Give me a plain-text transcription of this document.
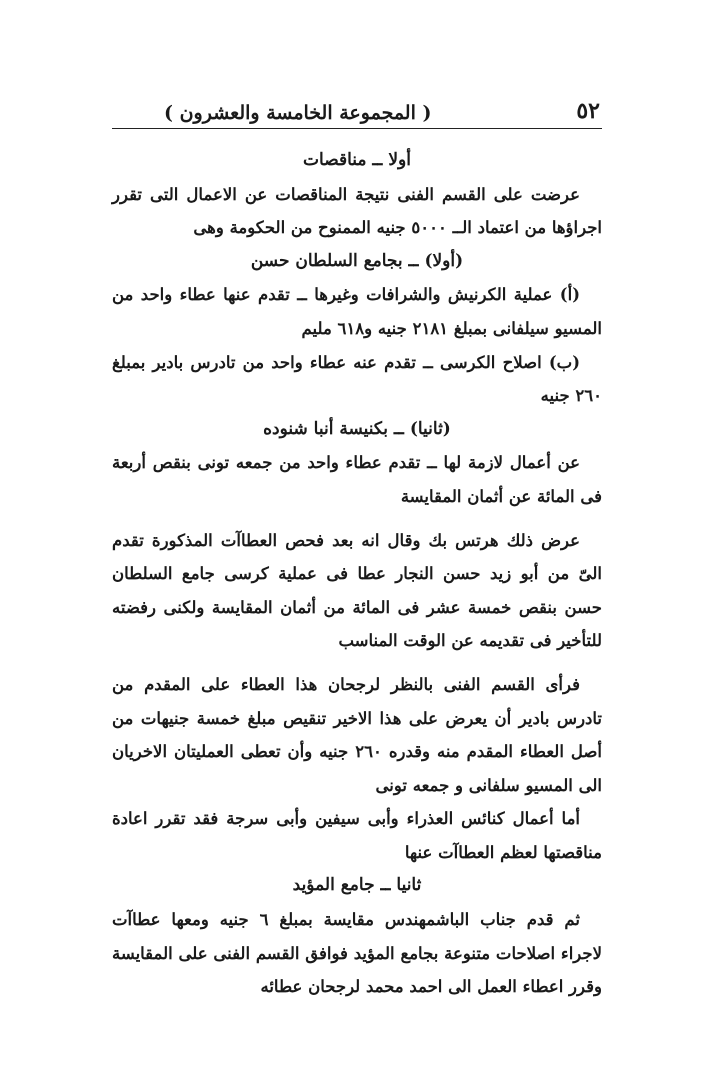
٥٢
( المجموعة الخامسة والعشرون )
أولا ــ مناقصات

عرضت على القسم الفنى نتيجة المناقصات عن الاعمال التى تقرر اجراؤها من اعتماد الــ ٥٠٠٠ جنيه الممنوح من الحكومة وهى

(أولا) ــ بجامع السلطان حسن

(أ) عملية الكرنيش والشرافات وغيرها ــ تقدم عنها عطاء واحد من المسيو سيلفانى بمبلغ ٢١٨١ جنيه و٦١٨ مليم

(ب) اصلاح الكرسى ــ تقدم عنه عطاء واحد من تادرس بادير بمبلغ ٢٦٠ جنيه

(ثانيا) ــ بكنيسة أنبا شنوده

عن أعمال لازمة لها ــ تقدم عطاء واحد من جمعه تونى بنقص أربعة فى المائة عن أثمان المقايسة

عرض ذلك هرتس بك وقال انه بعد فحص العطاآت المذكورة تقدم الىّ من أبو زيد حسن النجار عطا فى عملية كرسى جامع السلطان حسن بنقص خمسة عشر فى المائة من أثمان المقايسة ولكنى رفضته للتأخير فى تقديمه عن الوقت المناسب

فرأى القسم الفنى بالنظر لرجحان هذا العطاء على المقدم من تادرس بادير أن يعرض على هذا الاخير تنقيص مبلغ خمسة جنيهات من أصل العطاء المقدم منه وقدره ٢٦٠ جنيه وأن تعطى العمليتان الاخريان الى المسيو سلفانى و جمعه تونى

أما أعمال كنائس العذراء وأبى سيفين وأبى سرجة فقد تقرر اعادة مناقصتها لعظم العطاآت عنها

ثانيا ــ جامع المؤيد

ثم قدم جناب الباشمهندس مقايسة بمبلغ ٦ جنيه ومعها عطاآت لاجراء اصلاحات متنوعة بجامع المؤيد فوافق القسم الفنى على المقايسة وقرر اعطاء العمل الى احمد محمد لرجحان عطائه
